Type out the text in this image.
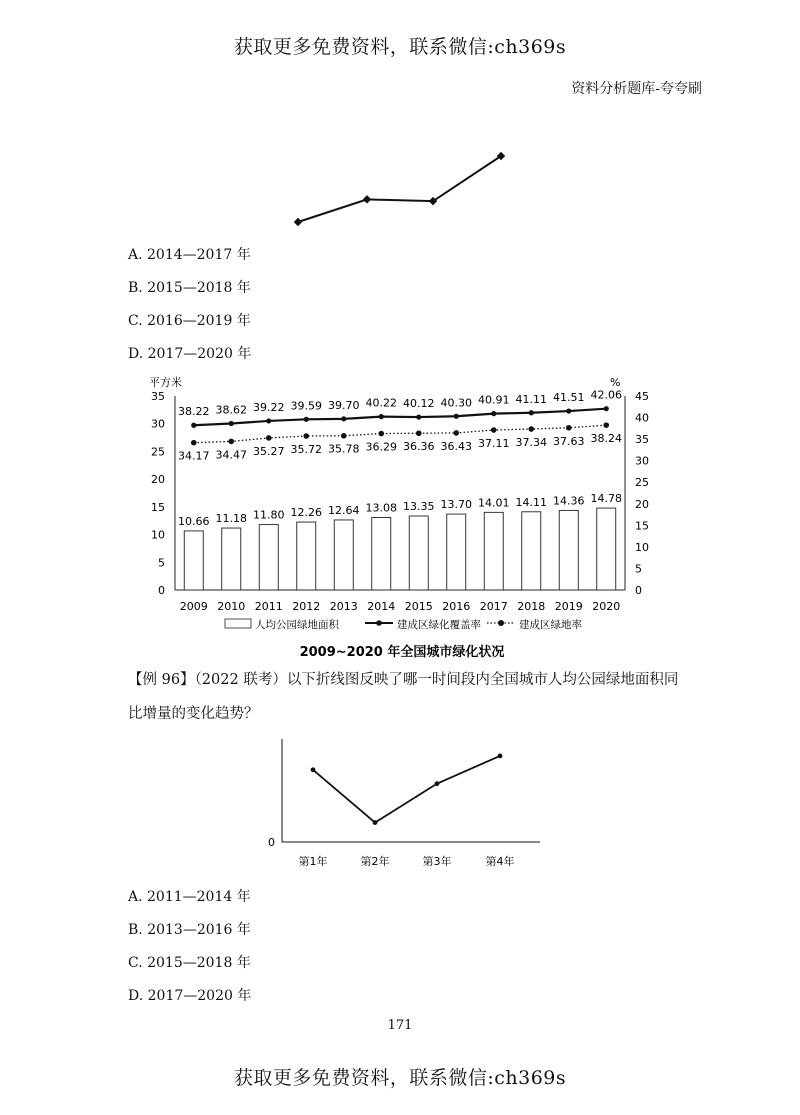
获取更多免费资料，联系微信:ch369s
资料分析题库-夸夸刷
A. 2014—2017 年
B. 2015—2018 年
C. 2016—2019 年
D. 2017—2020 年
平方米	%
35
30
25
20
15
10
5
0
45
40
35
30
25
20
15
10
5
0
2009 2010 2011 2012 2013 2014 2015 2016 2017 2018 2019 2020
10.66 11.18 11.80 12.26 12.64 13.08 13.35 13.70 14.01 14.11 14.36 14.78
38.22 38.62 39.22 39.59 39.70 40.22 40.12 40.30 40.91 41.11 41.51 42.06
34.17 34.47 35.27 35.72 35.78 36.29 36.36 36.43 37.11 37.34 37.63 38.24
人均公园绿地面积	建成区绿化覆盖率	建成区绿地率
2009~2020 年全国城市绿化状况
【例 96】（2022 联考）以下折线图反映了哪一时间段内全国城市人均公园绿地面积同比增量的变化趋势？
0
第1年	第2年	第3年	第4年
A. 2011—2014 年
B. 2013—2016 年
C. 2015—2018 年
D. 2017—2020 年
171
获取更多免费资料，联系微信:ch369s
